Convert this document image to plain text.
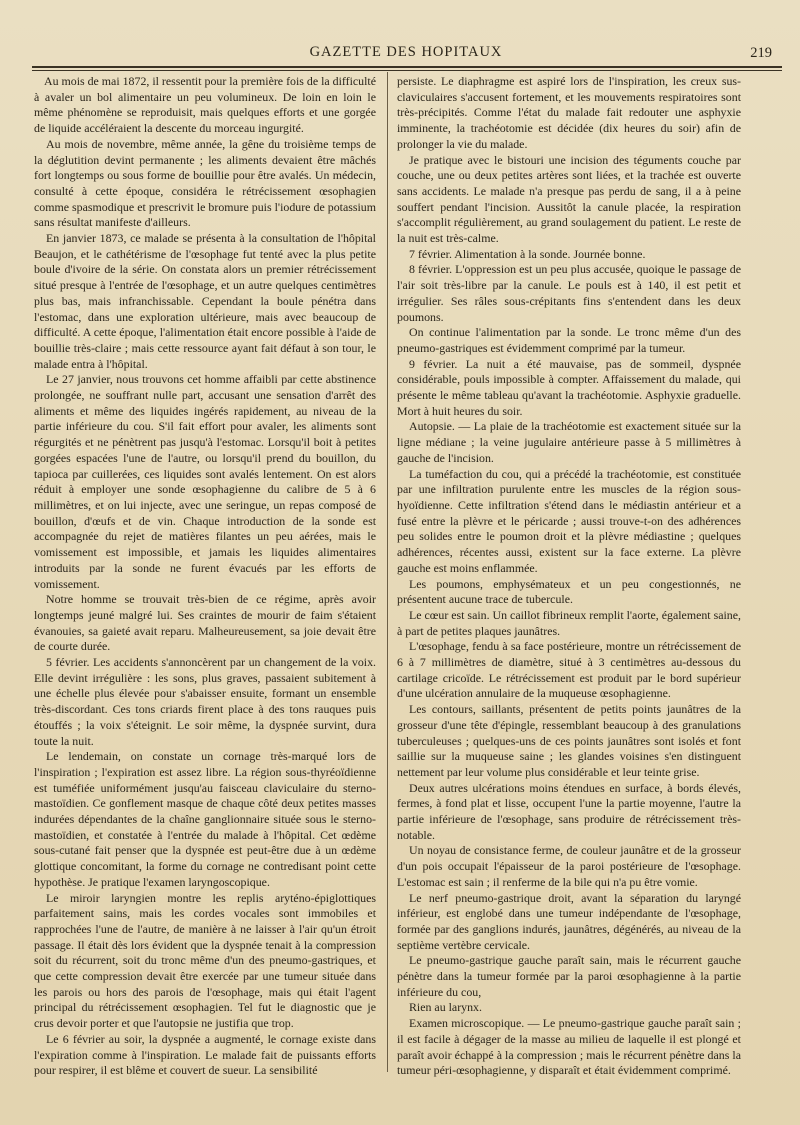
GAZETTE DES HOPITAUX	219

Au mois de mai 1872, il ressentit pour la première fois de la difficulté à avaler un bol alimentaire un peu volumineux. De loin en loin le même phénomène se reproduisit, mais quelques efforts et une gorgée de liquide accéléraient la descente du morceau ingurgité.

Au mois de novembre, même année, la gêne du troisième temps de la déglutition devint permanente ; les aliments devaient être mâchés fort longtemps ou sous forme de bouillie pour être avalés. Un médecin, consulté à cette époque, considéra le rétrécissement œsophagien comme spasmodique et prescrivit le bromure puis l'iodure de potassium sans résultat manifeste d'ailleurs.

En janvier 1873, ce malade se présenta à la consultation de l'hôpital Beaujon, et le cathétérisme de l'œsophage fut tenté avec la plus petite boule d'ivoire de la série. On constata alors un premier rétrécissement situé presque à l'entrée de l'œsophage, et un autre quelques centimètres plus bas, mais infranchissable. Cependant la boule pénétra dans l'estomac, dans une exploration ultérieure, mais avec beaucoup de difficulté. A cette époque, l'alimentation était encore possible à l'aide de bouillie très-claire ; mais cette ressource ayant fait défaut à son tour, le malade entra à l'hôpital.

Le 27 janvier, nous trouvons cet homme affaibli par cette abstinence prolongée, ne souffrant nulle part, accusant une sensation d'arrêt des aliments et même des liquides ingérés rapidement, au niveau de la partie inférieure du cou. S'il fait effort pour avaler, les aliments sont régurgités et ne pénètrent pas jusqu'à l'estomac. Lorsqu'il boit à petites gorgées espacées l'une de l'autre, ou lorsqu'il prend du bouillon, du tapioca par cuillerées, ces liquides sont avalés lentement. On est alors réduit à employer une sonde œsophagienne du calibre de 5 à 6 millimètres, et on lui injecte, avec une seringue, un repas composé de bouillon, d'œufs et de vin. Chaque introduction de la sonde est accompagnée du rejet de matières filantes un peu aérées, mais le vomissement est impossible, et jamais les liquides alimentaires introduits par la sonde ne furent évacués par les efforts de vomissement.

Notre homme se trouvait très-bien de ce régime, après avoir longtemps jeuné malgré lui. Ses craintes de mourir de faim s'étaient évanouies, sa gaieté avait reparu. Malheureusement, sa joie devait être de courte durée.

5 février. Les accidents s'annoncèrent par un changement de la voix. Elle devint irrégulière : les sons, plus graves, passaient subitement à une échelle plus élevée pour s'abaisser ensuite, formant un ensemble très-discordant. Ces tons criards firent place à des tons rauques puis étouffés ; la voix s'éteignit. Le soir même, la dyspnée survint, dura toute la nuit.

Le lendemain, on constate un cornage très-marqué lors de l'inspiration ; l'expiration est assez libre. La région sous-thyréoïdienne est tuméfiée uniformément jusqu'au faisceau claviculaire du sterno-mastoïdien. Ce gonflement masque de chaque côté deux petites masses indurées dépendantes de la chaîne ganglionnaire située sous le sterno-mastoïdien, et constatée à l'entrée du malade à l'hôpital. Cet œdème sous-cutané fait penser que la dyspnée est peut-être due à un œdème glottique concomitant, la forme du cornage ne contredisant point cette hypothèse. Je pratique l'examen laryngoscopique.

Le miroir laryngien montre les replis aryténo-épiglottiques parfaitement sains, mais les cordes vocales sont immobiles et rapprochées l'une de l'autre, de manière à ne laisser à l'air qu'un étroit passage. Il était dès lors évident que la dyspnée tenait à la compression soit du récurrent, soit du tronc même d'un des pneumo-gastriques, et que cette compression devait être exercée par une tumeur située dans les parois ou hors des parois de l'œsophage, mais qui était l'agent principal du rétrécissement œsophagien. Tel fut le diagnostic que je crus devoir porter et que l'autopsie ne justifia que trop.

Le 6 février au soir, la dyspnée a augmenté, le cornage existe dans l'expiration comme à l'inspiration. Le malade fait de puissants efforts pour respirer, il est blême et couvert de sueur. La sensibilité

persiste. Le diaphragme est aspiré lors de l'inspiration, les creux sus-claviculaires s'accusent fortement, et les mouvements respiratoires sont très-précipités. Comme l'état du malade fait redouter une asphyxie imminente, la trachéotomie est décidée (dix heures du soir) afin de prolonger la vie du malade.

Je pratique avec le bistouri une incision des téguments couche par couche, une ou deux petites artères sont liées, et la trachée est ouverte sans accidents. Le malade n'a presque pas perdu de sang, il a à peine souffert pendant l'incision. Aussitôt la canule placée, la respiration s'accomplit régulièrement, au grand soulagement du patient. Le reste de la nuit est très-calme.

7 février. Alimentation à la sonde. Journée bonne.

8 février. L'oppression est un peu plus accusée, quoique le passage de l'air soit très-libre par la canule. Le pouls est à 140, il est petit et irrégulier. Ses râles sous-crépitants fins s'entendent dans les deux poumons.

On continue l'alimentation par la sonde. Le tronc même d'un des pneumo-gastriques est évidemment comprimé par la tumeur.

9 février. La nuit a été mauvaise, pas de sommeil, dyspnée considérable, pouls impossible à compter. Affaissement du malade, qui présente le même tableau qu'avant la trachéotomie. Asphyxie graduelle. Mort à huit heures du soir.

Autopsie. — La plaie de la trachéotomie est exactement située sur la ligne médiane ; la veine jugulaire antérieure passe à 5 millimètres à gauche de l'incision.

La tuméfaction du cou, qui a précédé la trachéotomie, est constituée par une infiltration purulente entre les muscles de la région sous-hyoïdienne. Cette infiltration s'étend dans le médiastin antérieur et a fusé entre la plèvre et le péricarde ; aussi trouve-t-on des adhérences peu solides entre le poumon droit et la plèvre médiastine ; quelques adhérences, récentes aussi, existent sur la face externe. La plèvre gauche est moins enflammée.

Les poumons, emphysémateux et un peu congestionnés, ne présentent aucune trace de tubercule.

Le cœur est sain. Un caillot fibrineux remplit l'aorte, également saine, à part de petites plaques jaunâtres.

L'œsophage, fendu à sa face postérieure, montre un rétrécissement de 6 à 7 millimètres de diamètre, situé à 3 centimètres au-dessous du cartilage cricoïde. Le rétrécissement est produit par le bord supérieur d'une ulcération annulaire de la muqueuse œsophagienne.

Les contours, saillants, présentent de petits points jaunâtres de la grosseur d'une tête d'épingle, ressemblant beaucoup à des granulations tuberculeuses ; quelques-uns de ces points jaunâtres sont isolés et font saillie sur la muqueuse saine ; les glandes voisines s'en distinguent nettement par leur volume plus considérable et leur teinte grise.

Deux autres ulcérations moins étendues en surface, à bords élevés, fermes, à fond plat et lisse, occupent l'une la partie moyenne, l'autre la partie inférieure de l'œsophage, sans produire de rétrécissement très-notable.

Un noyau de consistance ferme, de couleur jaunâtre et de la grosseur d'un pois occupait l'épaisseur de la paroi postérieure de l'œsophage. L'estomac est sain ; il renferme de la bile qui n'a pu être vomie.

Le nerf pneumo-gastrique droit, avant la séparation du laryngé inférieur, est englobé dans une tumeur indépendante de l'œsophage, formée par des ganglions indurés, jaunâtres, dégénérés, au niveau de la septième vertèbre cervicale.

Le pneumo-gastrique gauche paraît sain, mais le récurrent gauche pénètre dans la tumeur formée par la paroi œsophagienne à la partie inférieure du cou,

Rien au larynx.

Examen microscopique. — Le pneumo-gastrique gauche paraît sain ; il est facile à dégager de la masse au milieu de laquelle il est plongé et paraît avoir échappé à la compression ; mais le récurrent pénètre dans la tumeur péri-œsophagienne, y disparaît et était évidemment comprimé.
